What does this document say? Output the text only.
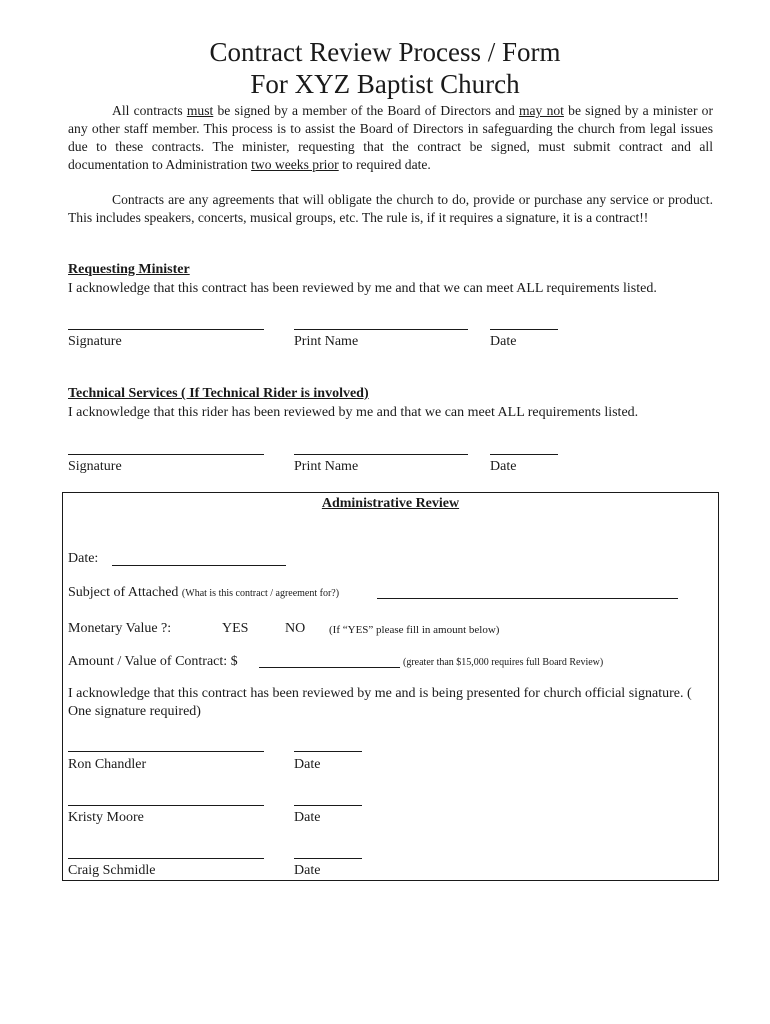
Contract Review Process / Form
For XYZ Baptist Church
All contracts must be signed by a member of the Board of Directors and may not be signed by a minister or any other staff member. This process is to assist the Board of Directors in safeguarding the church from legal issues due to these contracts. The minister, requesting that the contract be signed, must submit contract and all documentation to Administration two weeks prior to required date.
Contracts are any agreements that will obligate the church to do, provide or purchase any service or product. This includes speakers, concerts, musical groups, etc. The rule is, if it requires a signature, it is a contract!!
Requesting Minister
I acknowledge that this contract has been reviewed by me and that we can meet ALL requirements listed.
Signature	Print Name	Date
Technical Services ( If Technical Rider is involved)
I acknowledge that this rider has been reviewed by me and that we can meet ALL requirements listed.
Signature	Print Name	Date
Administrative Review
Date:
Subject of Attached (What is this contract / agreement for?)
Monetary Value ?:	YES	NO (If “YES” please fill in amount below)
Amount / Value of Contract: $	(greater than $15,000 requires full Board Review)
I acknowledge that this contract has been reviewed by me and is being presented for church official signature. ( One signature required)
Ron Chandler	Date
Kristy Moore	Date
Craig Schmidle	Date
